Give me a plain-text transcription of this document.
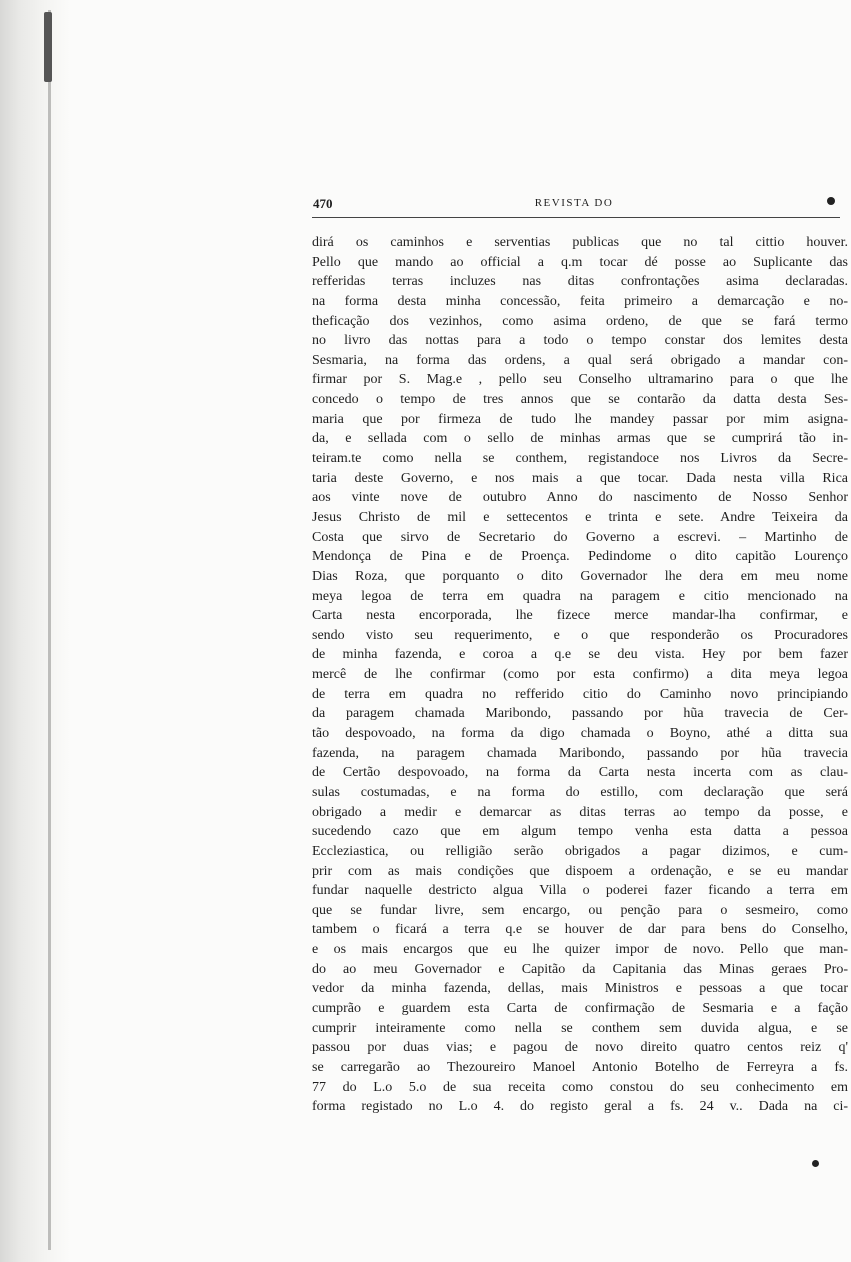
470	REVISTA DO
dirá os caminhos e serventias publicas que no tal cittio houver.
Pello que mando ao official a q.m tocar dé posse ao Suplicante das
refferidas terras incluzes nas ditas confrontações asima declaradas.
na forma desta minha concessão, feita primeiro a demarcação e no-
theficação dos vezinhos, como asima ordeno, de que se fará termo
no livro das nottas para a todo o tempo constar dos lemites desta
Sesmaria, na forma das ordens, a qual será obrigado a mandar con-
firmar por S. Mag.e , pello seu Conselho ultramarino para o que lhe
concedo o tempo de tres annos que se contarão da datta desta Ses-
maria que por firmeza de tudo lhe mandey passar por mim asigna-
da, e sellada com o sello de minhas armas que se cumprirá tão in-
teiram.te como nella se conthem, registandoce nos Livros da Secre-
taria deste Governo, e nos mais a que tocar. Dada nesta villa Rica
aos vinte nove de outubro Anno do nascimento de Nosso Senhor
Jesus Christo de mil e settecentos e trinta e sete. Andre Teixeira da
Costa que sirvo de Secretario do Governo a escrevi. – Martinho de
Mendonça de Pina e de Proença. Pedindome o dito capitão Lourenço
Dias Roza, que porquanto o dito Governador lhe dera em meu nome
meya legoa de terra em quadra na paragem e citio mencionado na
Carta nesta encorporada, lhe fizece merce mandar-lha confirmar, e
sendo visto seu requerimento, e o que responderão os Procuradores
de minha fazenda, e coroa a q.e se deu vista. Hey por bem fazer
mercê de lhe confirmar (como por esta confirmo) a dita meya legoa
de terra em quadra no refferido citio do Caminho novo principiando
da paragem chamada Maribondo, passando por hũa travecia de Cer-
tão despovoado, na forma da digo chamada o Boyno, athé a ditta sua
fazenda, na paragem chamada Maribondo, passando por hũa travecia
de Certão despovoado, na forma da Carta nesta incerta com as clau-
sulas costumadas, e na forma do estillo, com declaração que será
obrigado a medir e demarcar as ditas terras ao tempo da posse, e
sucedendo cazo que em algum tempo venha esta datta a pessoa
Eccleziastica, ou relligião serão obrigados a pagar dizimos, e cum-
prir com as mais condições que dispoem a ordenação, e se eu mandar
fundar naquelle destricto algua Villa o poderei fazer ficando a terra em
que se fundar livre, sem encargo, ou penção para o sesmeiro, como
tambem o ficará a terra q.e se houver de dar para bens do Conselho,
e os mais encargos que eu lhe quizer impor de novo. Pello que man-
do ao meu Governador e Capitão da Capitania das Minas geraes Pro-
vedor da minha fazenda, dellas, mais Ministros e pessoas a que tocar
cumprão e guardem esta Carta de confirmação de Sesmaria e a fação
cumprir inteiramente como nella se conthem sem duvida algua, e se
passou por duas vias; e pagou de novo direito quatro centos reiz q'
se carregarão ao Thezoureiro Manoel Antonio Botelho de Ferreyra a fs.
77 do L.o 5.o de sua receita como constou do seu conhecimento em
forma registado no L.o 4. do registo geral a fs. 24 v.. Dada na ci-
